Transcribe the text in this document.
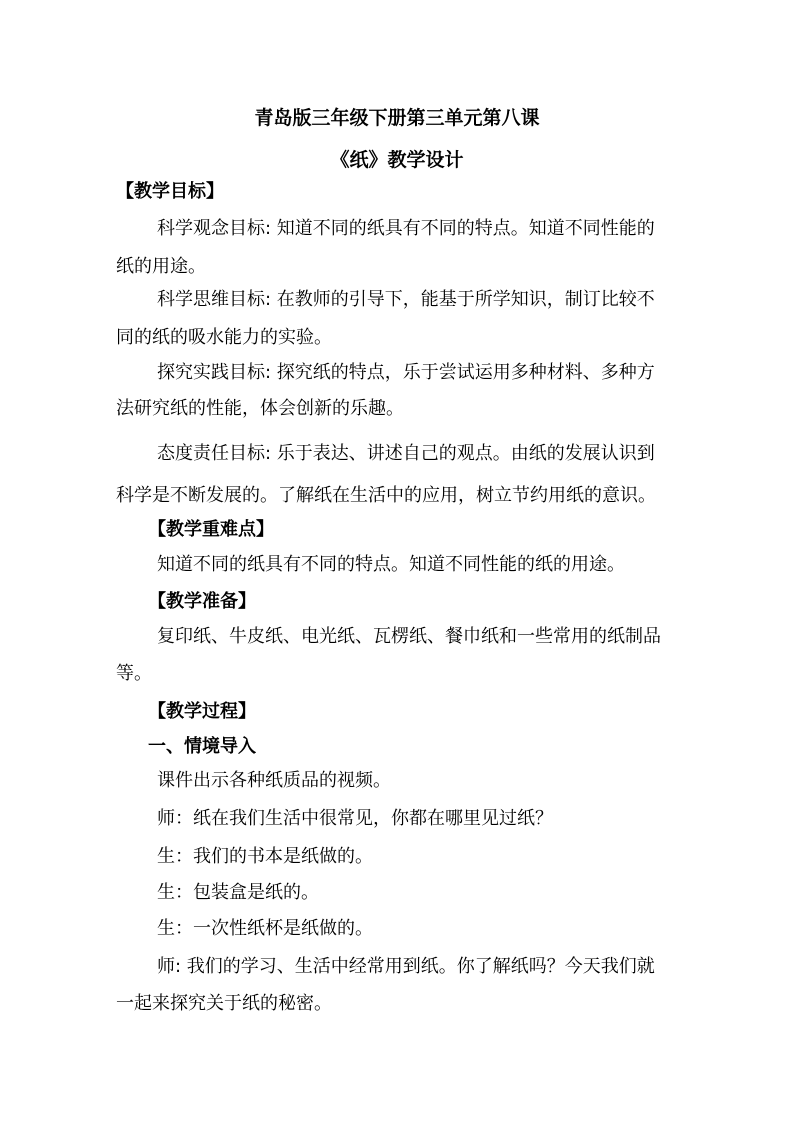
青岛版三年级下册第三单元第八课
《纸》教学设计
【教学目标】
科学观念目标: 知道不同的纸具有不同的特点。知道不同性能的
纸的用途。
科学思维目标: 在教师的引导下，能基于所学知识，制订比较不
同的纸的吸水能力的实验。
探究实践目标: 探究纸的特点，乐于尝试运用多种材料、多种方
法研究纸的性能，体会创新的乐趣。
态度责任目标: 乐于表达、讲述自己的观点。由纸的发展认识到
科学是不断发展的。了解纸在生活中的应用，树立节约用纸的意识。
【教学重难点】
知道不同的纸具有不同的特点。知道不同性能的纸的用途。
【教学准备】
复印纸、牛皮纸、电光纸、瓦楞纸、餐巾纸和一些常用的纸制品
等。
【教学过程】
一、情境导入
课件出示各种纸质品的视频。
师：纸在我们生活中很常见，你都在哪里见过纸？
生：我们的书本是纸做的。
生：包装盒是纸的。
生：一次性纸杯是纸做的。
师: 我们的学习、生活中经常用到纸。你了解纸吗？今天我们就
一起来探究关于纸的秘密。
